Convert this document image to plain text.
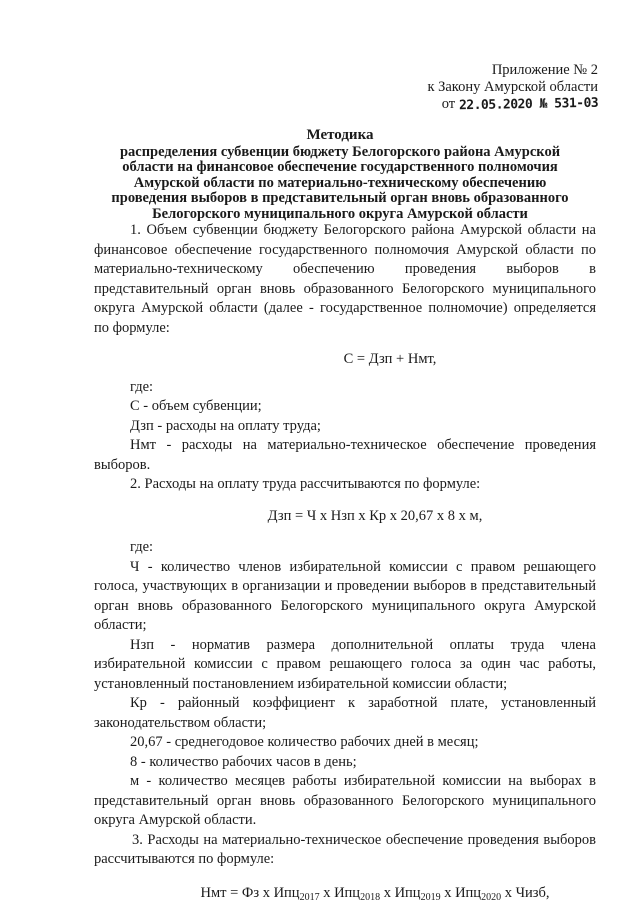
Приложение № 2
к Закону Амурской области
от 22.05.2020 № 531-03
Методика
распределения субвенции бюджету Белогорского района Амурской
области на финансовое обеспечение государственного полномочия
Амурской области по материально-техническому обеспечению
проведения выборов в представительный орган вновь образованного
Белогорского муниципального округа Амурской области

1. Объем субвенции бюджету Белогорского района Амурской области на финансовое обеспечение государственного полномочия Амурской области по материально-техническому обеспечению проведения выборов в представительный орган вновь образованного Белогорского муниципального округа Амурской области (далее - государственное полномочие) определяется по формуле:

С = Дзп + Нмт,

где:

С - объем субвенции;

Дзп - расходы на оплату труда;

Нмт - расходы на материально-техническое обеспечение проведения выборов.

2. Расходы на оплату труда рассчитываются по формуле:

Дзп = Ч х Нзп х Кр х 20,67 х 8 х м,

где:

Ч - количество членов избирательной комиссии с правом решающего голоса, участвующих в организации и проведении выборов в представительный орган вновь образованного Белогорского муниципального округа Амурской области;

Нзп - норматив размера дополнительной оплаты труда члена избирательной комиссии с правом решающего голоса за один час работы, установленный постановлением избирательной комиссии области;

Кр - районный коэффициент к заработной плате, установленный законодательством области;

20,67 - среднегодовое количество рабочих дней в месяц;

8 - количество рабочих часов в день;

м - количество месяцев работы избирательной комиссии на выборах в представительный орган вновь образованного Белогорского муниципального округа Амурской области.

3. Расходы на материально-техническое обеспечение проведения выборов рассчитываются по формуле:

Нмт = Фз х Ипц$_{2017}$ х Ипц$_{2018}$ х Ипц$_{2019}$ х Ипц$_{2020}$ х Чизб,
